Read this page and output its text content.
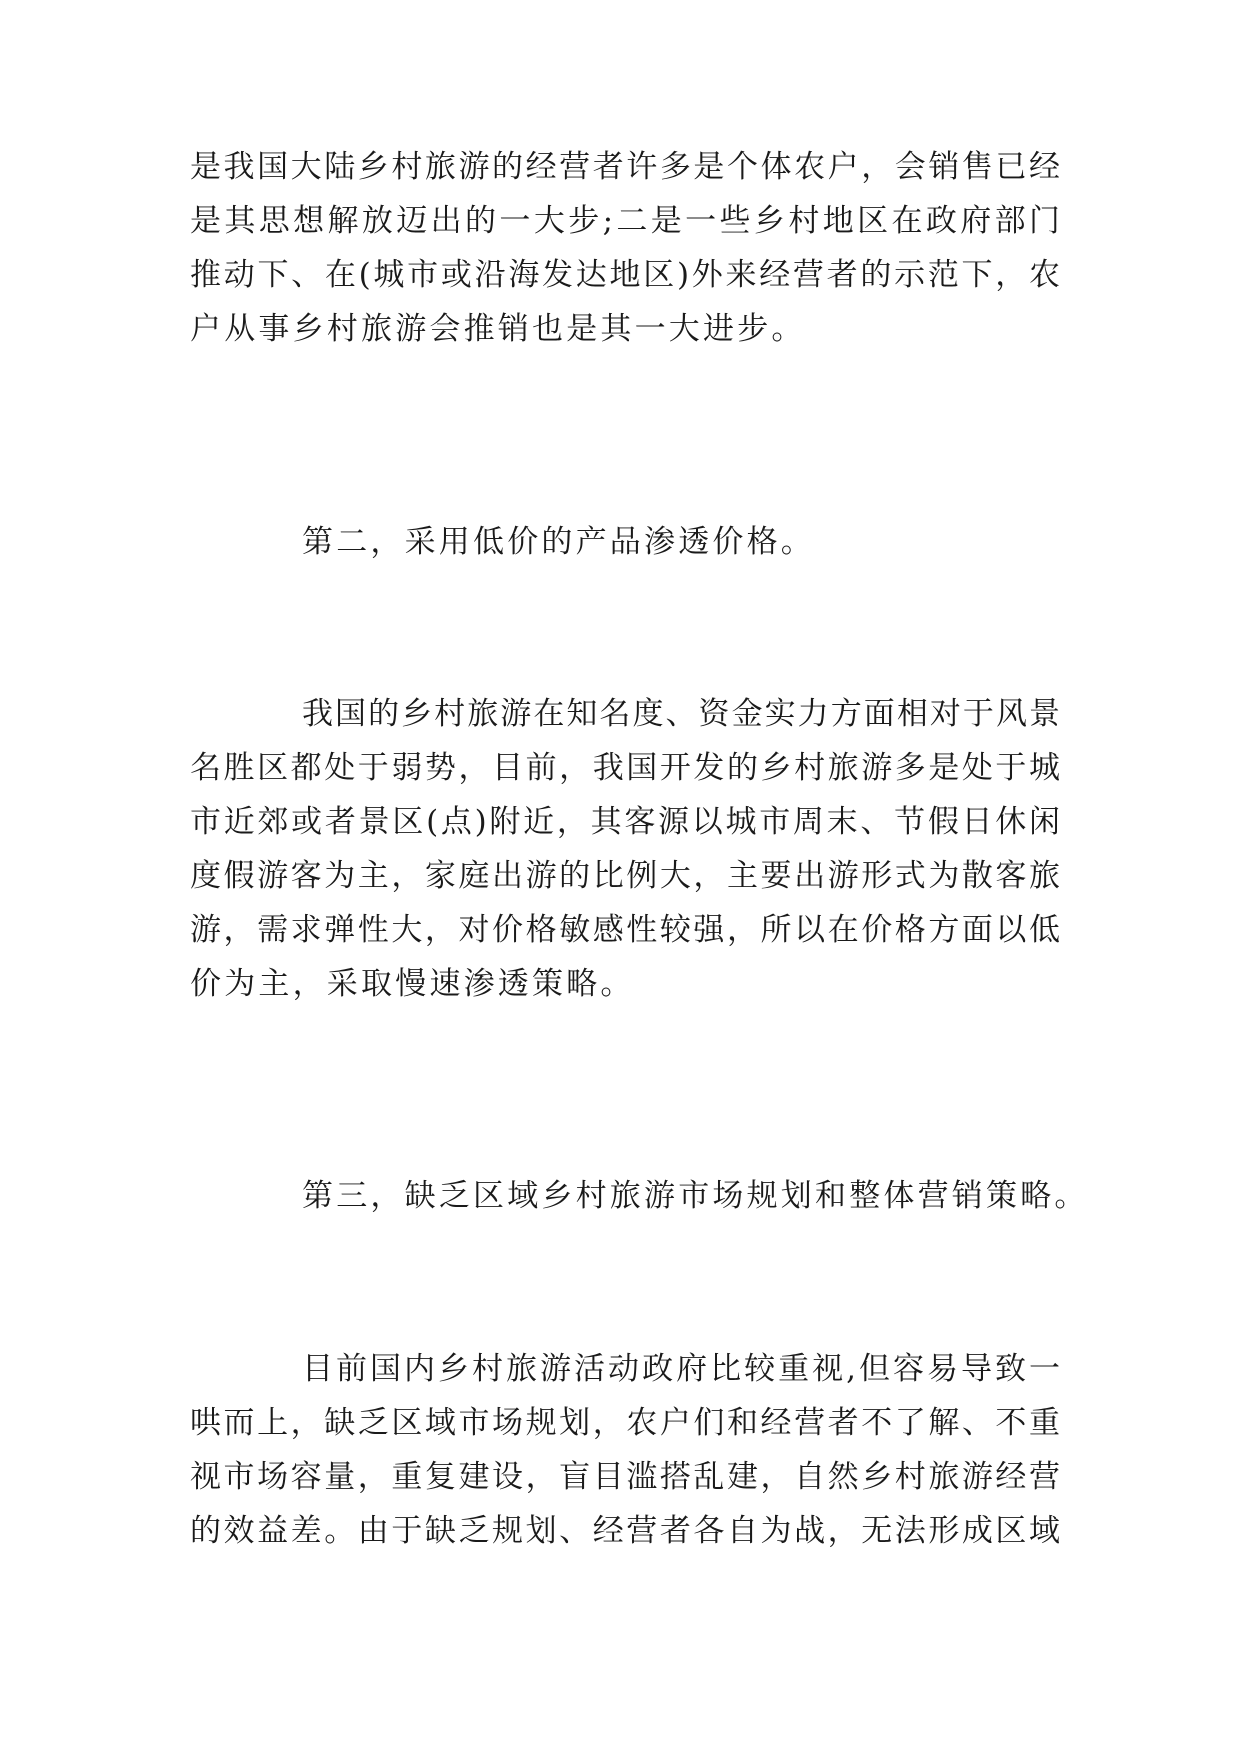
是我国大陆乡村旅游的经营者许多是个体农户，会销售已经
是其思想解放迈出的一大步;二是一些乡村地区在政府部门
推动下、在(城市或沿海发达地区)外来经营者的示范下，农
户从事乡村旅游会推销也是其一大进步。
第二，采用低价的产品渗透价格。
我国的乡村旅游在知名度、资金实力方面相对于风景
名胜区都处于弱势，目前，我国开发的乡村旅游多是处于城
市近郊或者景区(点)附近，其客源以城市周末、节假日休闲
度假游客为主，家庭出游的比例大，主要出游形式为散客旅
游，需求弹性大，对价格敏感性较强，所以在价格方面以低
价为主，采取慢速渗透策略。
第三，缺乏区域乡村旅游市场规划和整体营销策略。
目前国内乡村旅游活动政府比较重视,但容易导致一
哄而上，缺乏区域市场规划，农户们和经营者不了解、不重
视市场容量，重复建设，盲目滥搭乱建，自然乡村旅游经营
的效益差。由于缺乏规划、经营者各自为战，无法形成区域
